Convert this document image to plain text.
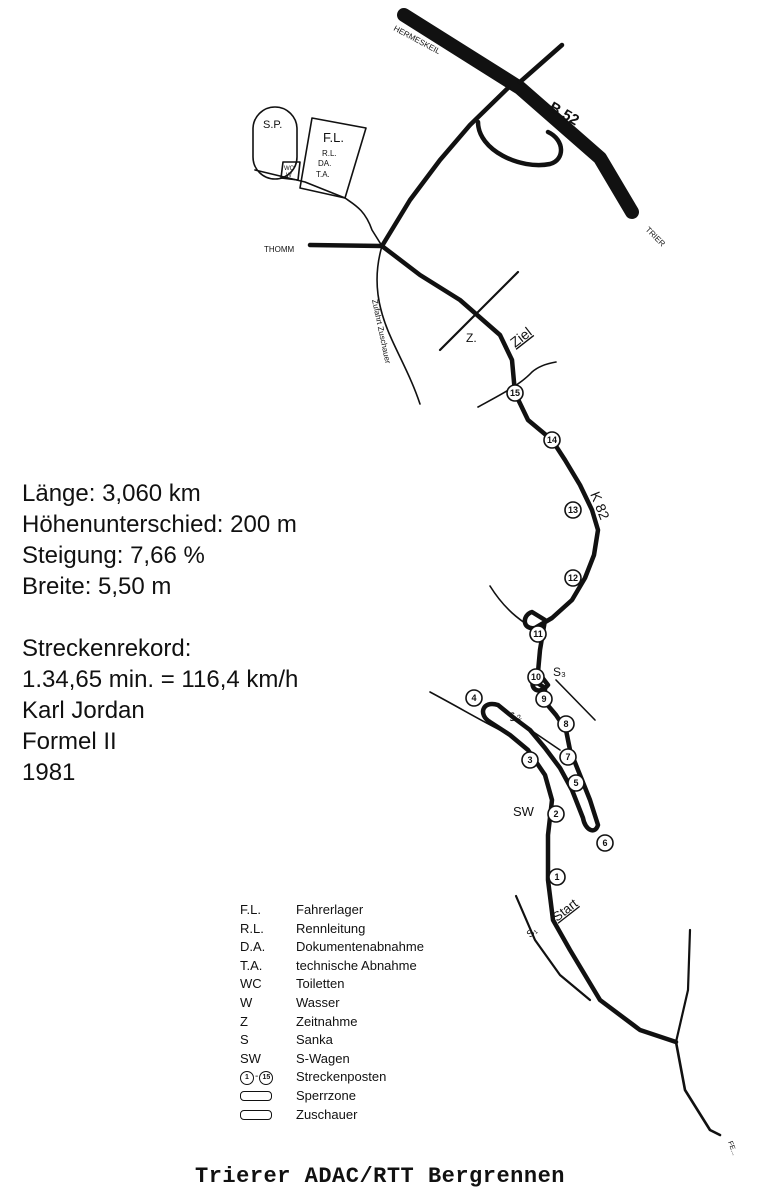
HERMESKEIL
B 52
TRIER
THOMM
Zufahrt Zuschauer	Z. Ziel
K 82
Start
SW
S₁
S₂
S₃
S.P.
F.L.
R.L.
DA.
T.A.
WC
W
FE...
1
2
3
4
5
6
7
8
9
10
11
12
13
14
15
Länge: 3,060 km
Höhenunterschied: 200 m
Steigung: 7,66 %
Breite: 5,50 m
Streckenrekord:
1.34,65 min. = 116,4 km/h
Karl Jordan
Formel II
1981
F.L.	Fahrerlager
R.L.	Rennleitung
D.A.	Dokumentenabnahme
T.A.	technische Abnahme
WC	Toiletten
W	Wasser
Z	Zeitnahme
S	Sanka
SW	S-Wagen
1 - 15 Streckenposten
Sperrzone
Zuschauer
Trierer ADAC/RTT Bergrennen
